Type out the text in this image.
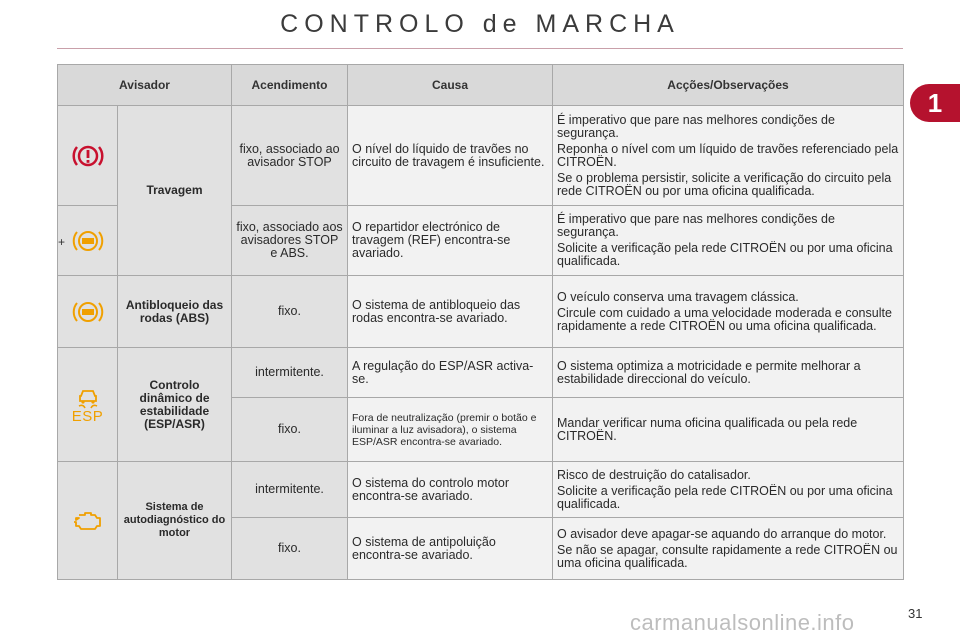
CONTROLO de MARCHA
1
Avisador		Acendimento	Causa	Acções/Observações
	Travagem	fixo, associado ao avisador STOP	O nível do líquido de travões no circuito de travagem é insuficiente.	É imperativo que pare nas melhores condições de segurança.

Reponha o nível com um líquido de travões referenciado pela CITROËN.

Se o problema persistir, solicite a verificação do circuito pela rede CITROËN ou por uma oficina qualificada.

+		fixo, associado aos avisadores STOP e ABS.	O repartidor electrónico de travagem (REF) encontra-se avariado.	É imperativo que pare nas melhores condições de segurança.

Solicite a verificação pela rede CITROËN ou por uma oficina qualificada.

	Antibloqueio das rodas (ABS)	fixo.	O sistema de antibloqueio das rodas encontra-se avariado.	O veículo conserva uma travagem clássica.

Circule com cuidado a uma velocidade moderada e consulte rapidamente a rede CITROËN ou uma oficina qualificada.

ESP	Controlo dinâmico de estabilidade (ESP/ASR)	intermitente.	A regulação do ESP/ASR activa-se.	O sistema optimiza a motricidade e permite melhorar a estabilidade direccional do veículo.

		fixo.	Fora de neutralização (premir o botão e iluminar a luz avisadora), o sistema ESP/ASR encontra-se avariado.	Mandar verificar numa oficina qualificada ou pela rede CITROËN.

	Sistema de autodiagnóstico do motor	intermitente.	O sistema do controlo motor encontra-se avariado.	Risco de destruição do catalisador.

Solicite a verificação pela rede CITROËN ou por uma oficina qualificada.

		fixo.	O sistema de antipoluição encontra-se avariado.	O avisador deve apagar-se aquando do arranque do motor.

Se não se apagar, consulte rapidamente a rede CITROËN ou uma oficina qualificada.

carmanualsonline.info	31
